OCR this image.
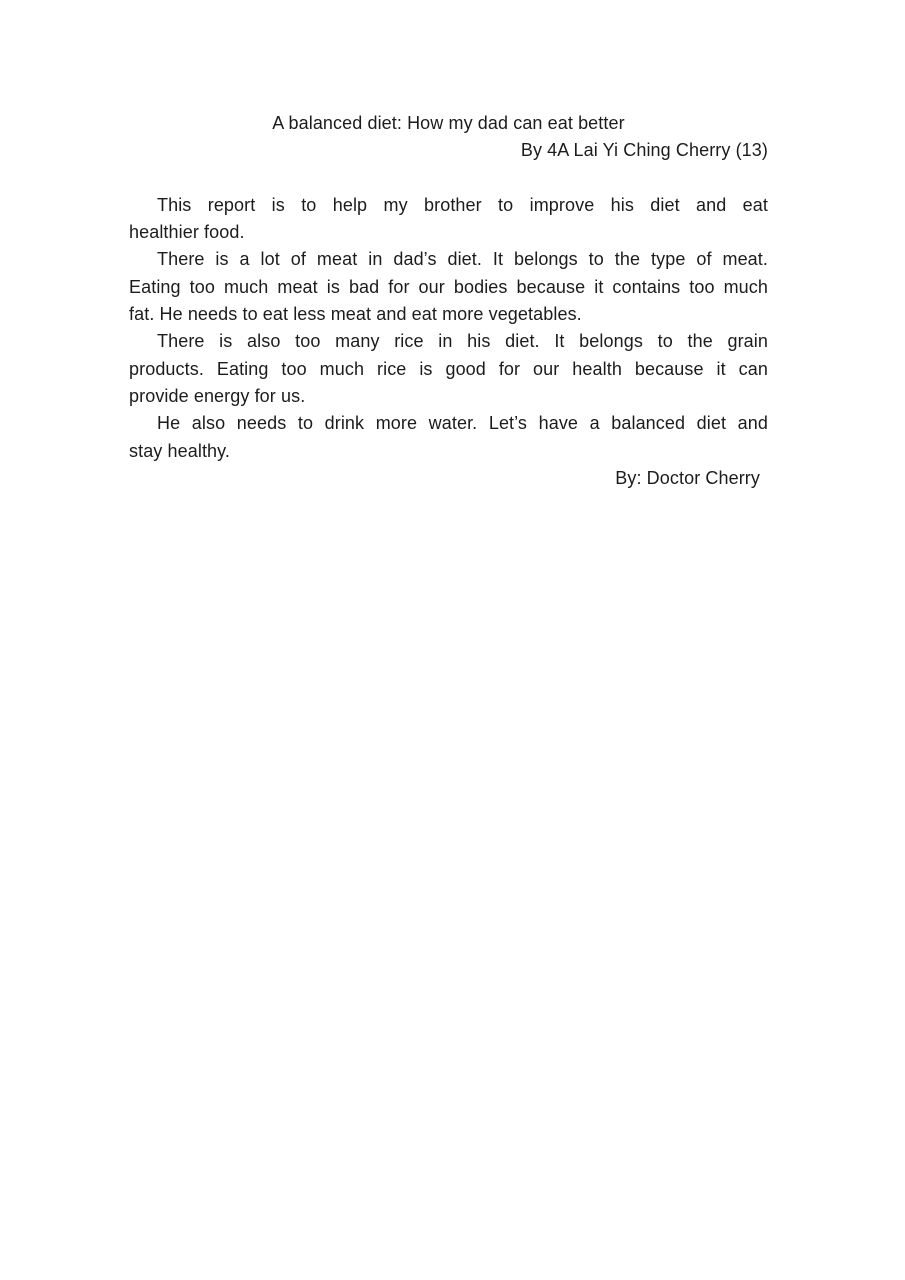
A balanced diet: How my dad can eat better
By 4A Lai Yi Ching Cherry (13)
This report is to help my brother to improve his diet and eat
healthier food.
There is a lot of meat in dad’s diet. It belongs to the type of meat.
Eating too much meat is bad for our bodies because it contains too much
fat. He needs to eat less meat and eat more vegetables.
There is also too many rice in his diet. It belongs to the grain
products. Eating too much rice is good for our health because it can
provide energy for us.
He also needs to drink more water. Let’s have a balanced diet and
stay healthy.
By: Doctor Cherry
